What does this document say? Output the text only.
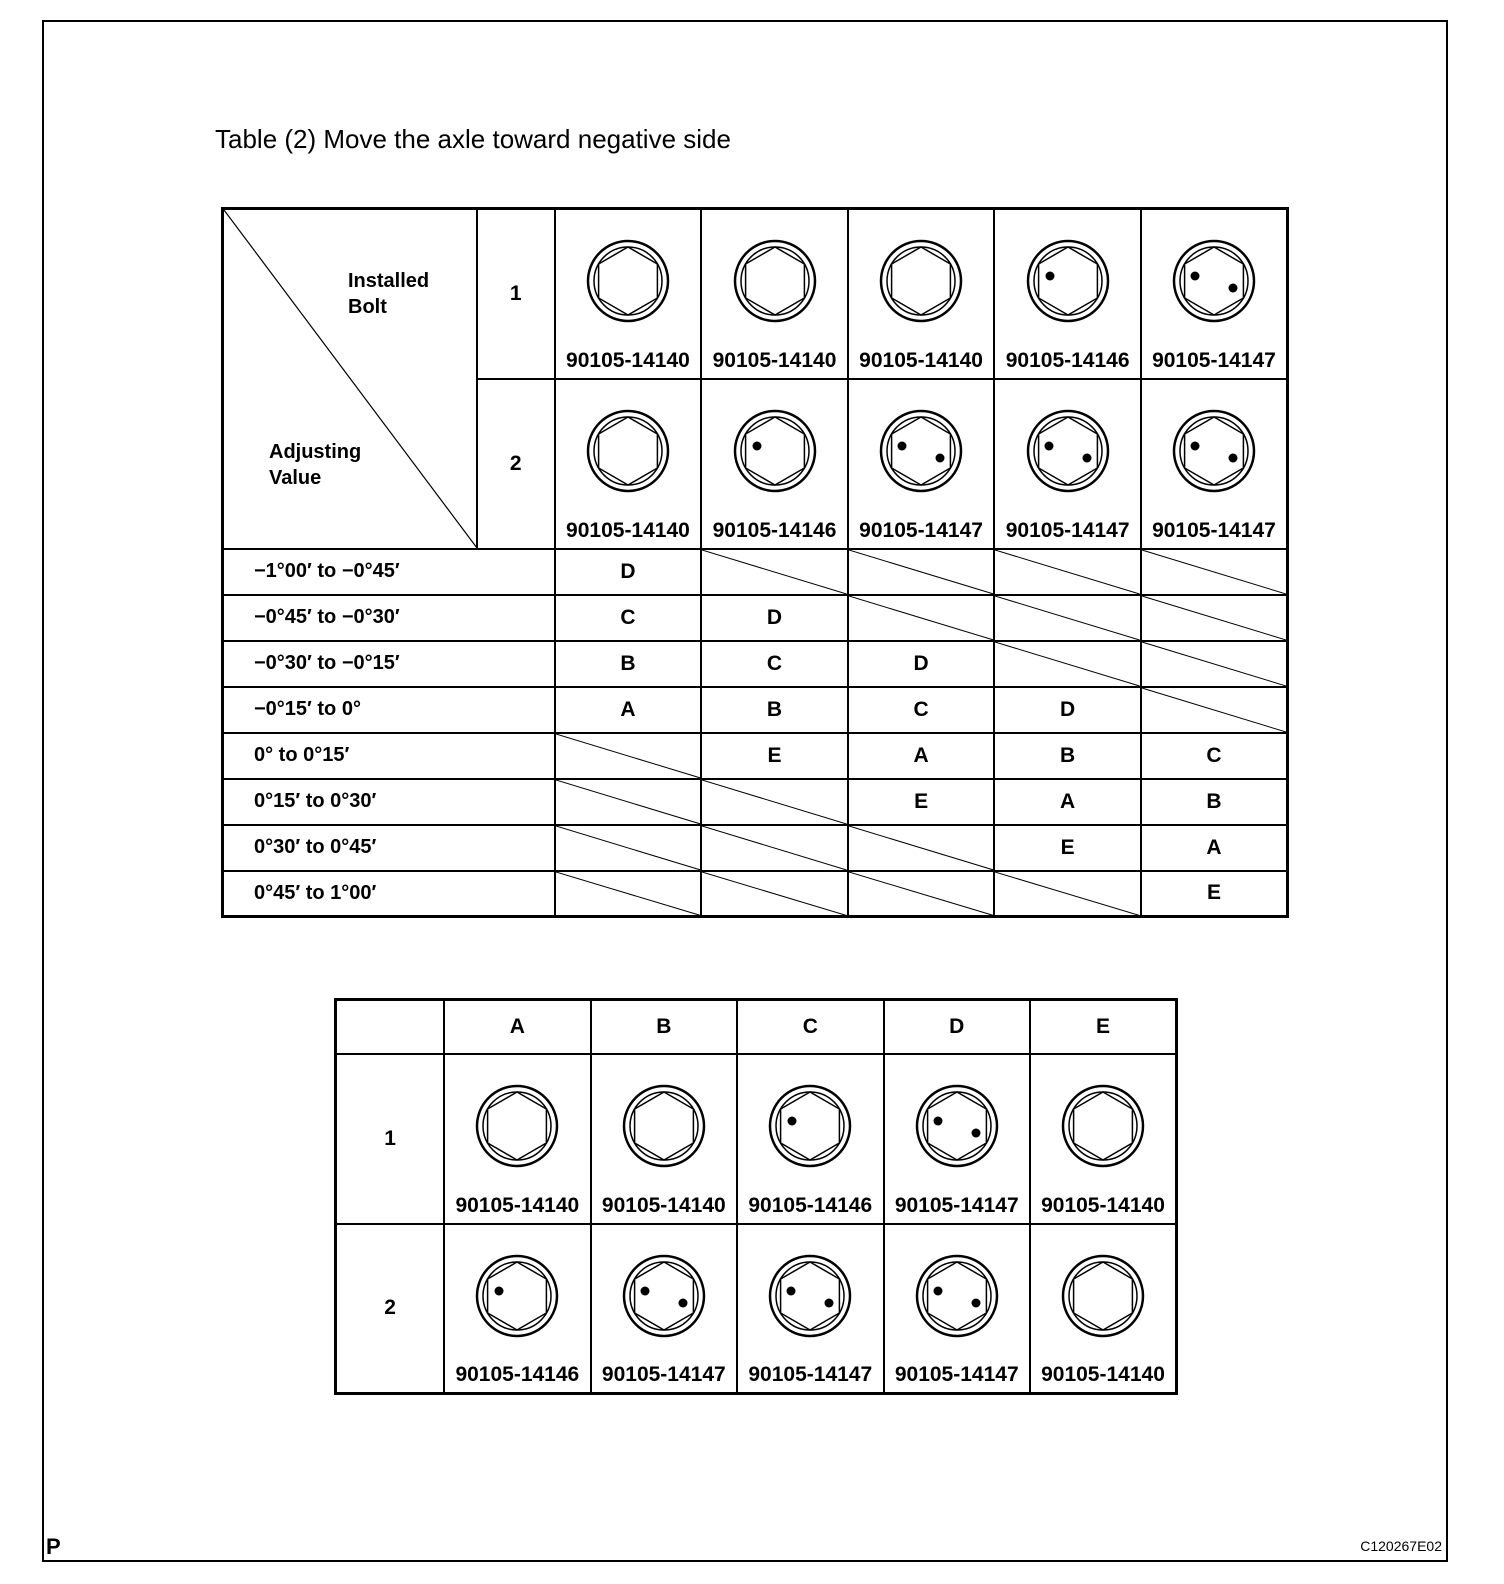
Table (2) Move the axle toward negative side
Installed
Bolt
Adjusting
Value	1	90105-14140	90105-14140	90105-14140	90105-14146	90105-14147

	2	90105-14140	90105-14146	90105-14147	90105-14147	90105-14147

−1°00′ to −0°45′		D	

−0°45′ to −0°30′		C	D	

−0°30′ to −0°15′		B	C	D	

−0°15′ to 0°		A	B	C	D	

0° to 0°15′			E	A	B	C
0°15′ to 0°30′				E	A	B
0°30′ to 0°45′					E	A
0°45′ to 1°00′						E
	A	B	C	D	E
1	90105-14140	90105-14140	90105-14146	90105-14147	90105-14140

2	90105-14146	90105-14147	90105-14147	90105-14147	90105-14140
P	C120267E02
